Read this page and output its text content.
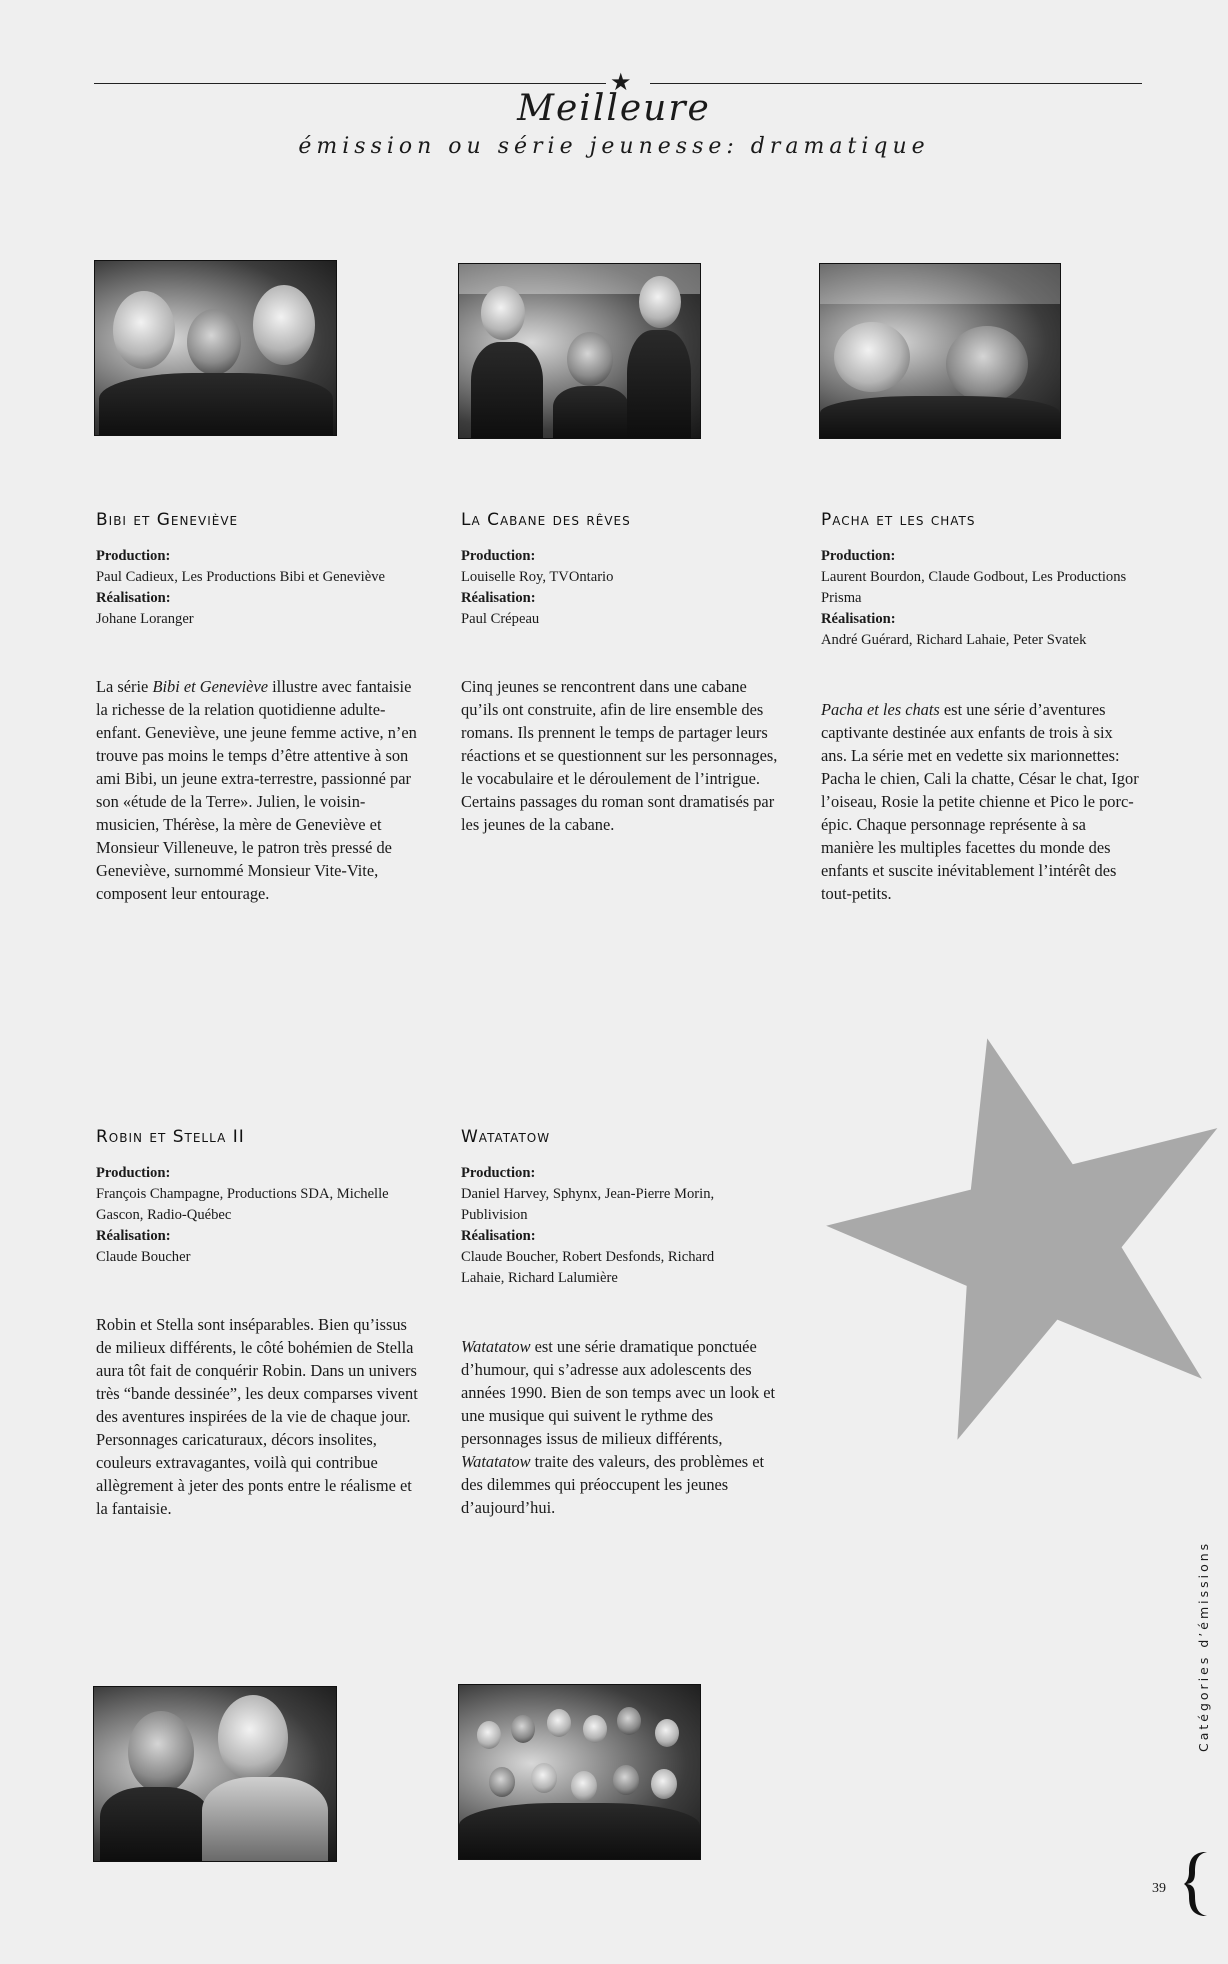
★
Meilleure
émission ou série jeunesse: dramatique
Bibi et Geneviève
Production:
Paul Cadieux, Les Productions Bibi et Geneviève
Réalisation:
Johane Loranger

La série Bibi et Geneviève illustre avec fantaisie la richesse de la relation quotidienne adulte-enfant. Geneviève, une jeune femme active, n’en trouve pas moins le temps d’être attentive à son ami Bibi, un jeune extra-terrestre, passionné par son «étude de la Terre». Julien, le voisin-musicien, Thérèse, la mère de Geneviève et Monsieur Villeneuve, le patron très pressé de Geneviève, surnommé Monsieur Vite-Vite, composent leur entourage.

La Cabane des rêves
Production:
Louiselle Roy, TVOntario
Réalisation:
Paul Crépeau

Cinq jeunes se rencontrent dans une cabane qu’ils ont construite, afin de lire ensemble des romans. Ils prennent le temps de partager leurs réactions et se questionnent sur les personnages, le vocabulaire et le déroulement de l’intrigue. Certains passages du roman sont dramatisés par les jeunes de la cabane.

Pacha et les chats
Production:
Laurent Bourdon, Claude Godbout, Les Productions Prisma
Réalisation:
André Guérard, Richard Lahaie, Peter Svatek

Pacha et les chats est une série d’aventures captivante destinée aux enfants de trois à six ans. La série met en vedette six marionnettes: Pacha le chien, Cali la chatte, César le chat, Igor l’oiseau, Rosie la petite chienne et Pico le porc-épic. Chaque personnage représente à sa manière les multiples facettes du monde des enfants et suscite inévitablement l’intérêt des tout-petits.

Robin et Stella II
Production:
François Champagne, Productions SDA, Michelle Gascon, Radio-Québec
Réalisation:
Claude Boucher

Robin et Stella sont inséparables. Bien qu’issus de milieux différents, le côté bohémien de Stella aura tôt fait de conquérir Robin. Dans un univers très “bande dessinée”, les deux comparses vivent des aventures inspirées de la vie de chaque jour. Personnages caricaturaux, décors insolites, couleurs extravagantes, voilà qui contribue allègrement à jeter des ponts entre le réalisme et la fantaisie.

Watatatow
Production:
Daniel Harvey, Sphynx, Jean-Pierre Morin, Publivision
Réalisation:
Claude Boucher, Robert Desfonds, Richard Lahaie, Richard Lalumière

Watatatow est une série dramatique ponctuée d’humour, qui s’adresse aux adolescents des années 1990. Bien de son temps avec un look et une musique qui suivent le rythme des personnages issus de milieux différents, Watatatow traite des valeurs, des problèmes et des dilemmes qui préoccupent les jeunes d’aujourd’hui.

Catégories d’émissions
39
